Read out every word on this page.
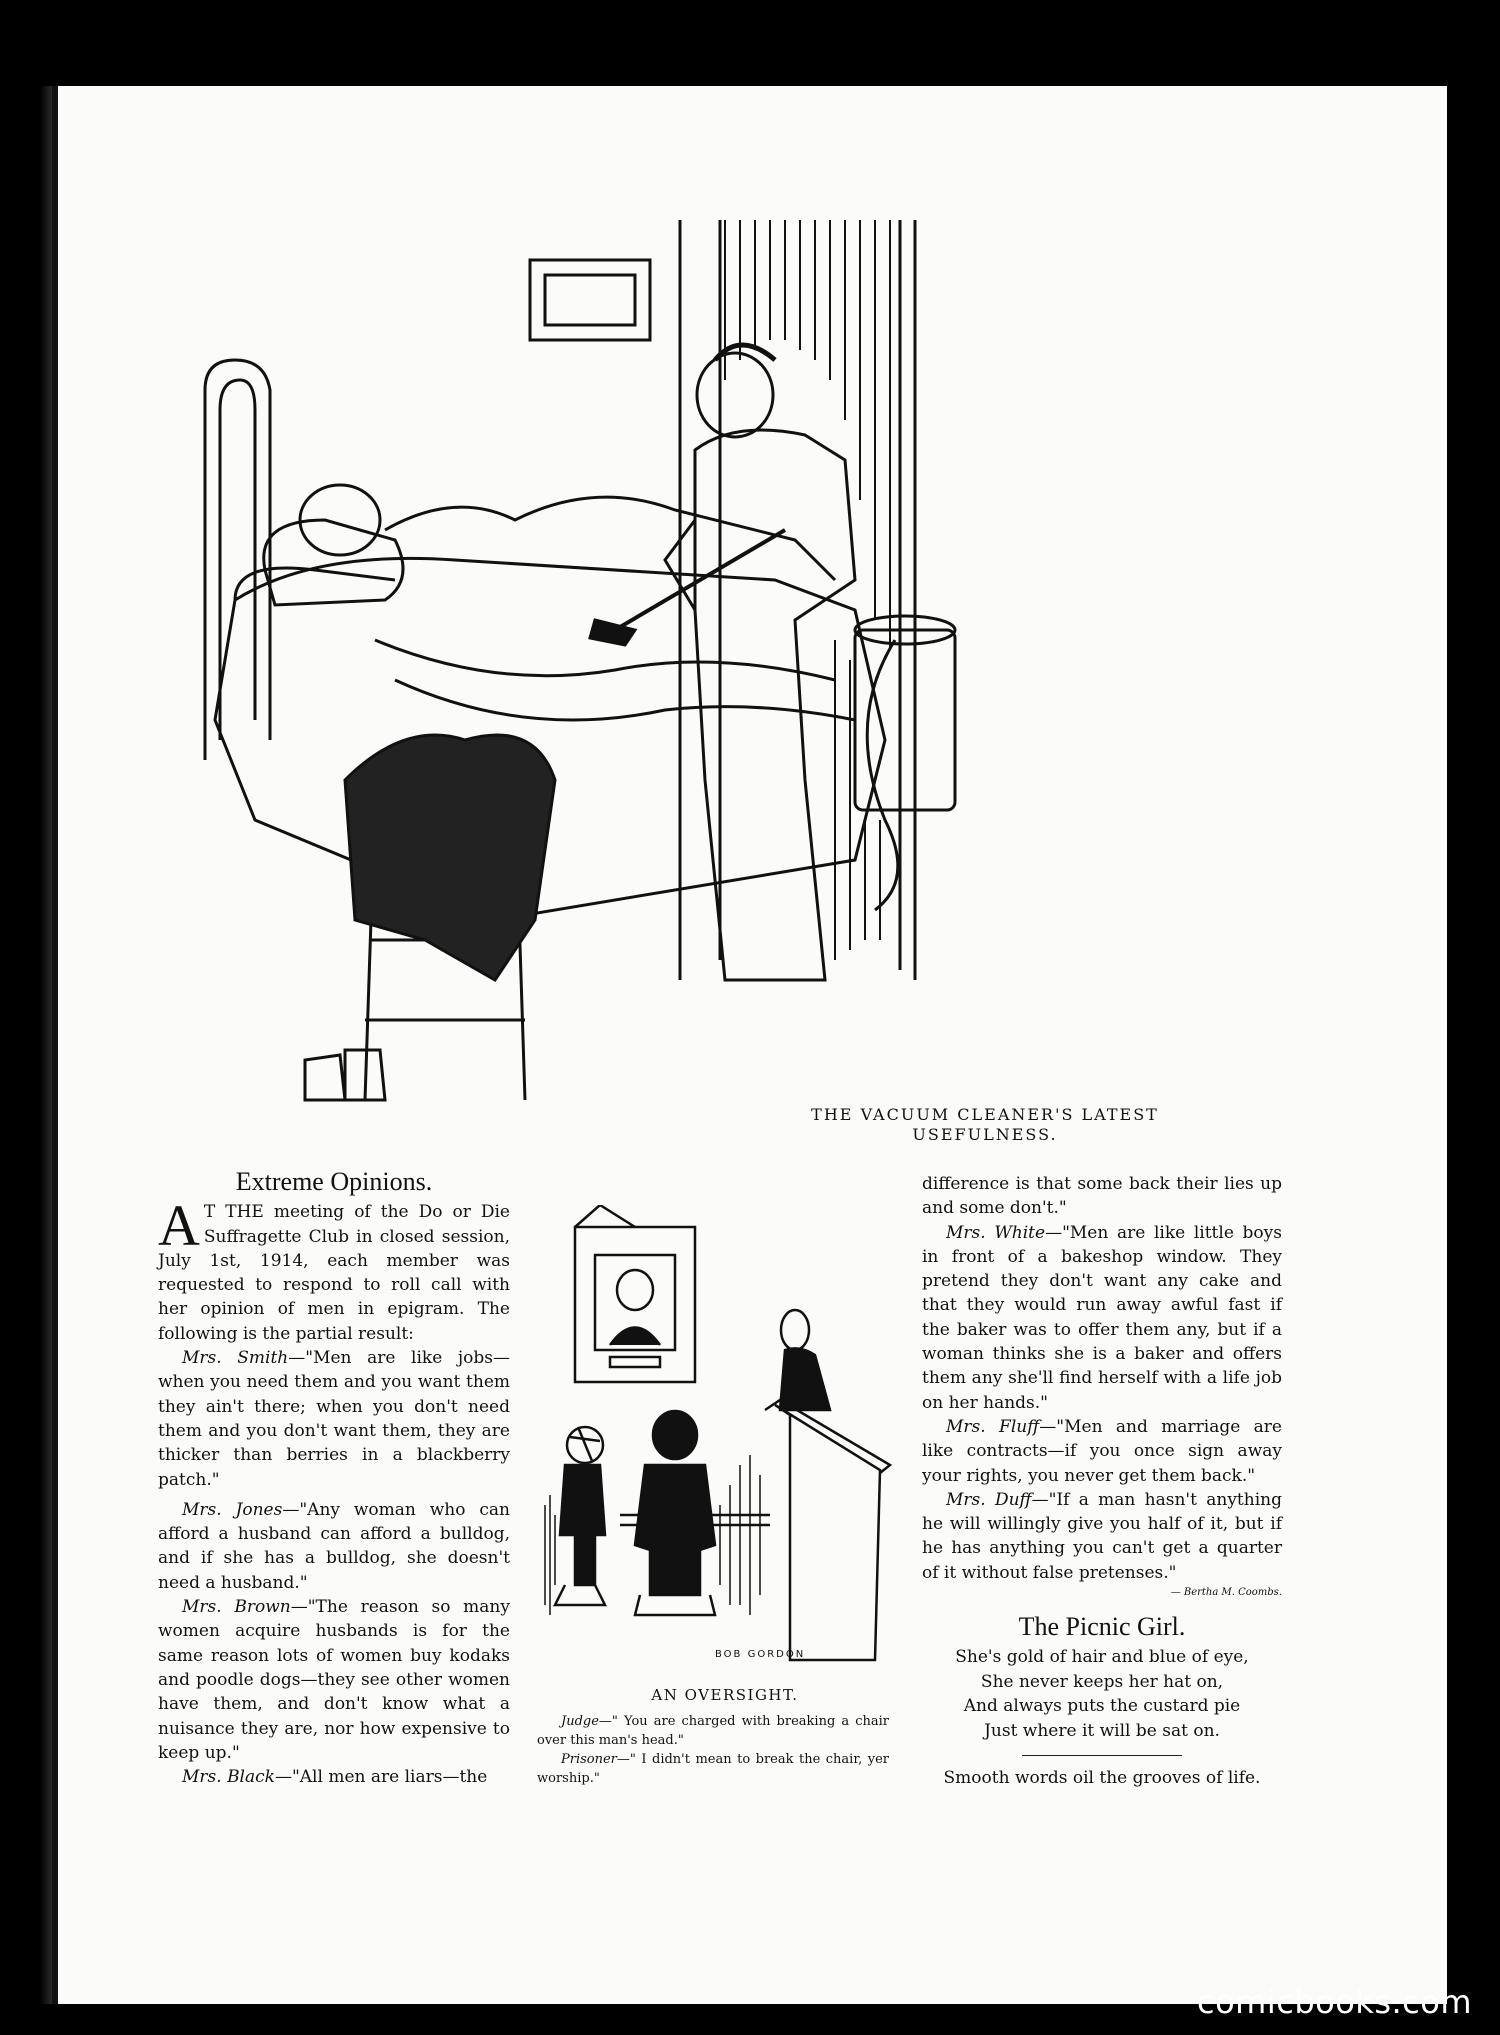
THE VACUUM CLEANER'S LATEST USEFULNESS.
Extreme Opinions.

A T THE meeting of the Do or Die Suffragette Club in closed session, July 1st, 1914, each member was requested to respond to roll call with her opinion of men in epigram. The following is the partial result:

Mrs. Smith—"Men are like jobs—when you need them and you want them they ain't there; when you don't need them and you don't want them, they are thicker than berries in a blackberry patch."

Mrs. Jones—"Any woman who can afford a husband can afford a bulldog, and if she has a bulldog, she doesn't need a husband."

Mrs. Brown—"The reason so many women acquire husbands is for the same reason lots of women buy kodaks and poodle dogs—they see other women have them, and don't know what a nuisance they are, nor how expensive to keep up."

Mrs. Black—"All men are liars—the

BOB GORDON
AN OVERSIGHT.

Judge—" You are charged with breaking a chair over this man's head."

Prisoner—" I didn't mean to break the chair, yer worship."

difference is that some back their lies up and some don't."

Mrs. White—"Men are like little boys in front of a bakeshop window. They pretend they don't want any cake and that they would run away awful fast if the baker was to offer them any, but if a woman thinks she is a baker and offers them any she'll find herself with a life job on her hands."

Mrs. Fluff—"Men and marriage are like contracts—if you once sign away your rights, you never get them back."

Mrs. Duff—"If a man hasn't anything he will willingly give you half of it, but if he has anything you can't get a quarter of it without false pretenses."

— Bertha M. Coombs.
The Picnic Girl.
She's gold of hair and blue of eye,
She never keeps her hat on,
And always puts the custard pie
Just where it will be sat on.
Smooth words oil the grooves of life.
comicbooks.com
